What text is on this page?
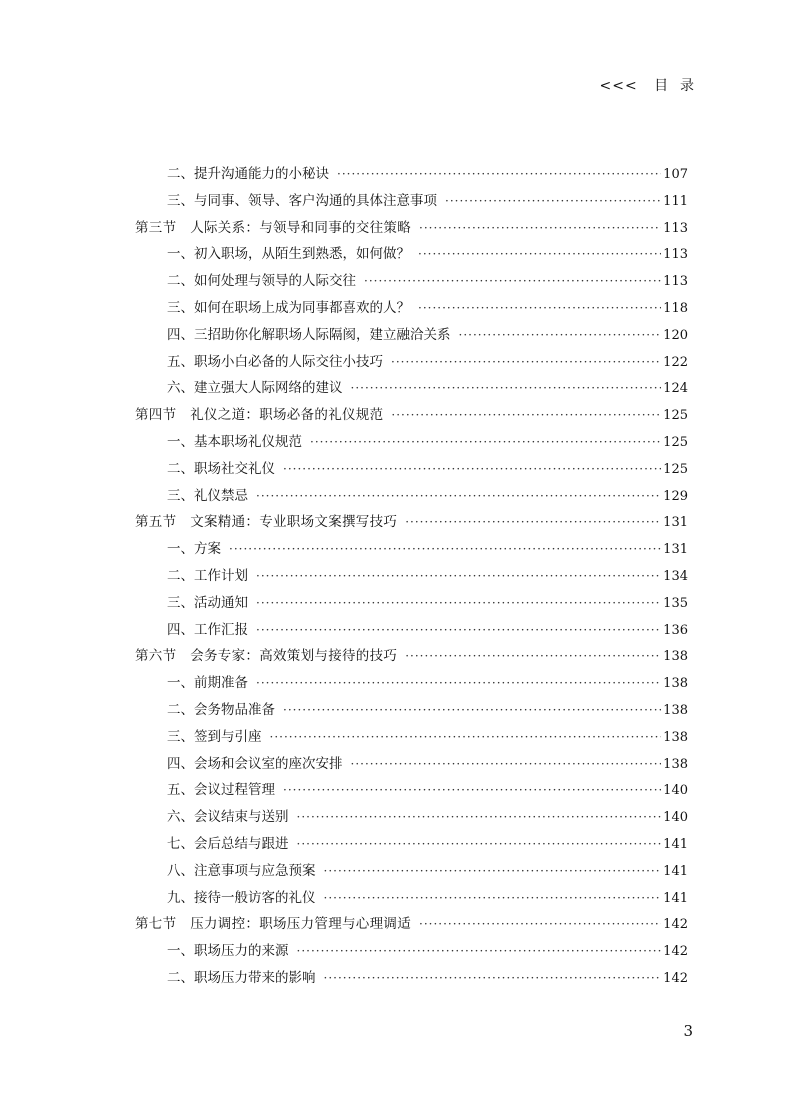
<<<   目  录
二、提升沟通能力的小秘诀 ·····	107
三、与同事、领导、客户沟通的具体注意事项 ·····	111
第三节　人际关系：与领导和同事的交往策略 ·····	113
一、初入职场，从陌生到熟悉，如何做？ ·····	113
二、如何处理与领导的人际交往 ·····	113
三、如何在职场上成为同事都喜欢的人？ ·····	118
四、三招助你化解职场人际隔阂，建立融洽关系 ·····	120
五、职场小白必备的人际交往小技巧 ·····	122
六、建立强大人际网络的建议 ·····	124
第四节　礼仪之道：职场必备的礼仪规范 ·····	125
一、基本职场礼仪规范 ·····	125
二、职场社交礼仪 ·····	125
三、礼仪禁忌 ·····	129
第五节　文案精通：专业职场文案撰写技巧 ·····	131
一、方案 ·····	131
二、工作计划 ·····	134
三、活动通知 ·····	135
四、工作汇报 ·····	136
第六节　会务专家：高效策划与接待的技巧 ·····	138
一、前期准备 ·····	138
二、会务物品准备 ·····	138
三、签到与引座 ·····	138
四、会场和会议室的座次安排 ·····	138
五、会议过程管理 ·····	140
六、会议结束与送别 ·····	140
七、会后总结与跟进 ·····	141
八、注意事项与应急预案 ·····	141
九、接待一般访客的礼仪 ·····	141
第七节　压力调控：职场压力管理与心理调适 ·····	142
一、职场压力的来源 ·····	142
二、职场压力带来的影响 ·····	142
3
